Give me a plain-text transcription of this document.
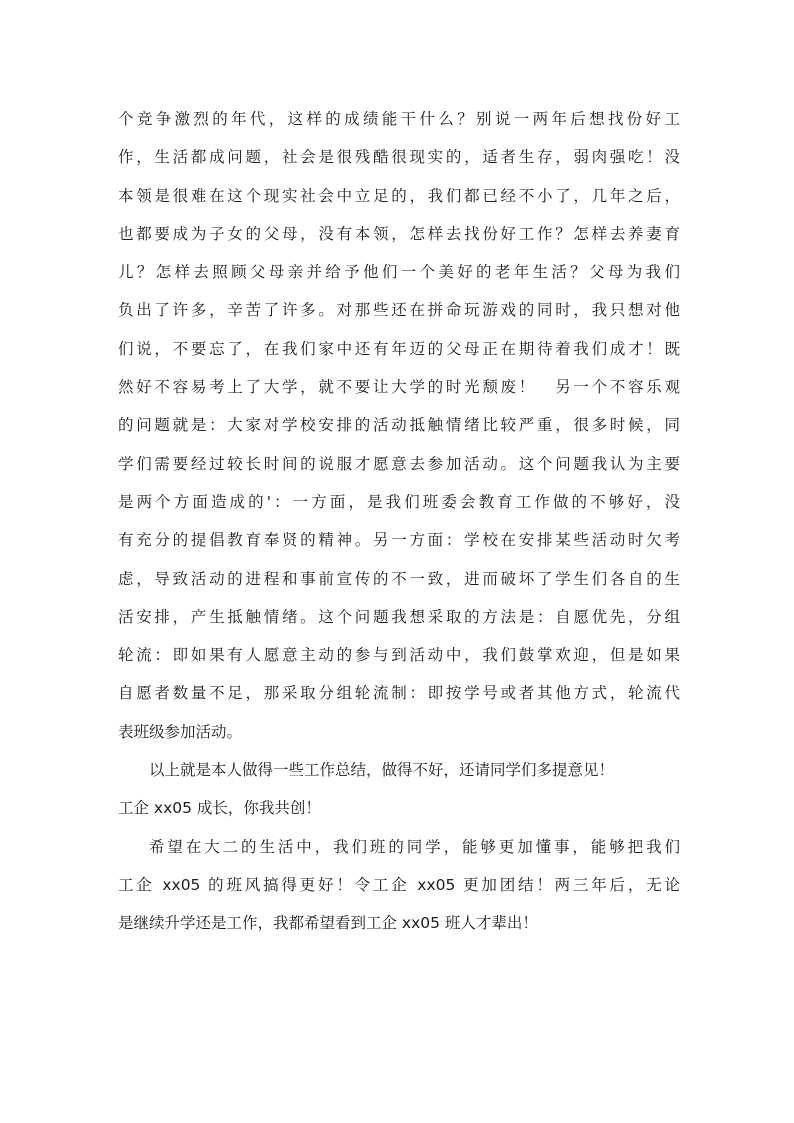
个竞争激烈的年代，这样的成绩能干什么？别说一两年后想找份好工
作，生活都成问题，社会是很残酷很现实的，适者生存，弱肉强吃！没
本领是很难在这个现实社会中立足的，我们都已经不小了，几年之后，
也都要成为子女的父母，没有本领，怎样去找份好工作？怎样去养妻育
儿？怎样去照顾父母亲并给予他们一个美好的老年生活？父母为我们
负出了许多，辛苦了许多。对那些还在拼命玩游戏的同时，我只想对他
们说，不要忘了，在我们家中还有年迈的父母正在期待着我们成才！既
然好不容易考上了大学，就不要让大学的时光颓废！　另一个不容乐观
的问题就是：大家对学校安排的活动抵触情绪比较严重，很多时候，同
学们需要经过较长时间的说服才愿意去参加活动。这个问题我认为主要
是两个方面造成的'：一方面，是我们班委会教育工作做的不够好，没
有充分的提倡教育奉贤的精神。另一方面：学校在安排某些活动时欠考
虑，导致活动的进程和事前宣传的不一致，进而破坏了学生们各自的生
活安排，产生抵触情绪。这个问题我想采取的方法是：自愿优先，分组
轮流：即如果有人愿意主动的参与到活动中，我们鼓掌欢迎，但是如果
自愿者数量不足，那采取分组轮流制：即按学号或者其他方式，轮流代
表班级参加活动。
以上就是本人做得一些工作总结，做得不好，还请同学们多提意见！
工企 xx05 成长，你我共创！
希望在大二的生活中，我们班的同学，能够更加懂事，能够把我们
工企 xx05 的班风搞得更好！令工企 xx05 更加团结！两三年后，无论
是继续升学还是工作，我都希望看到工企 xx05 班人才辈出！
